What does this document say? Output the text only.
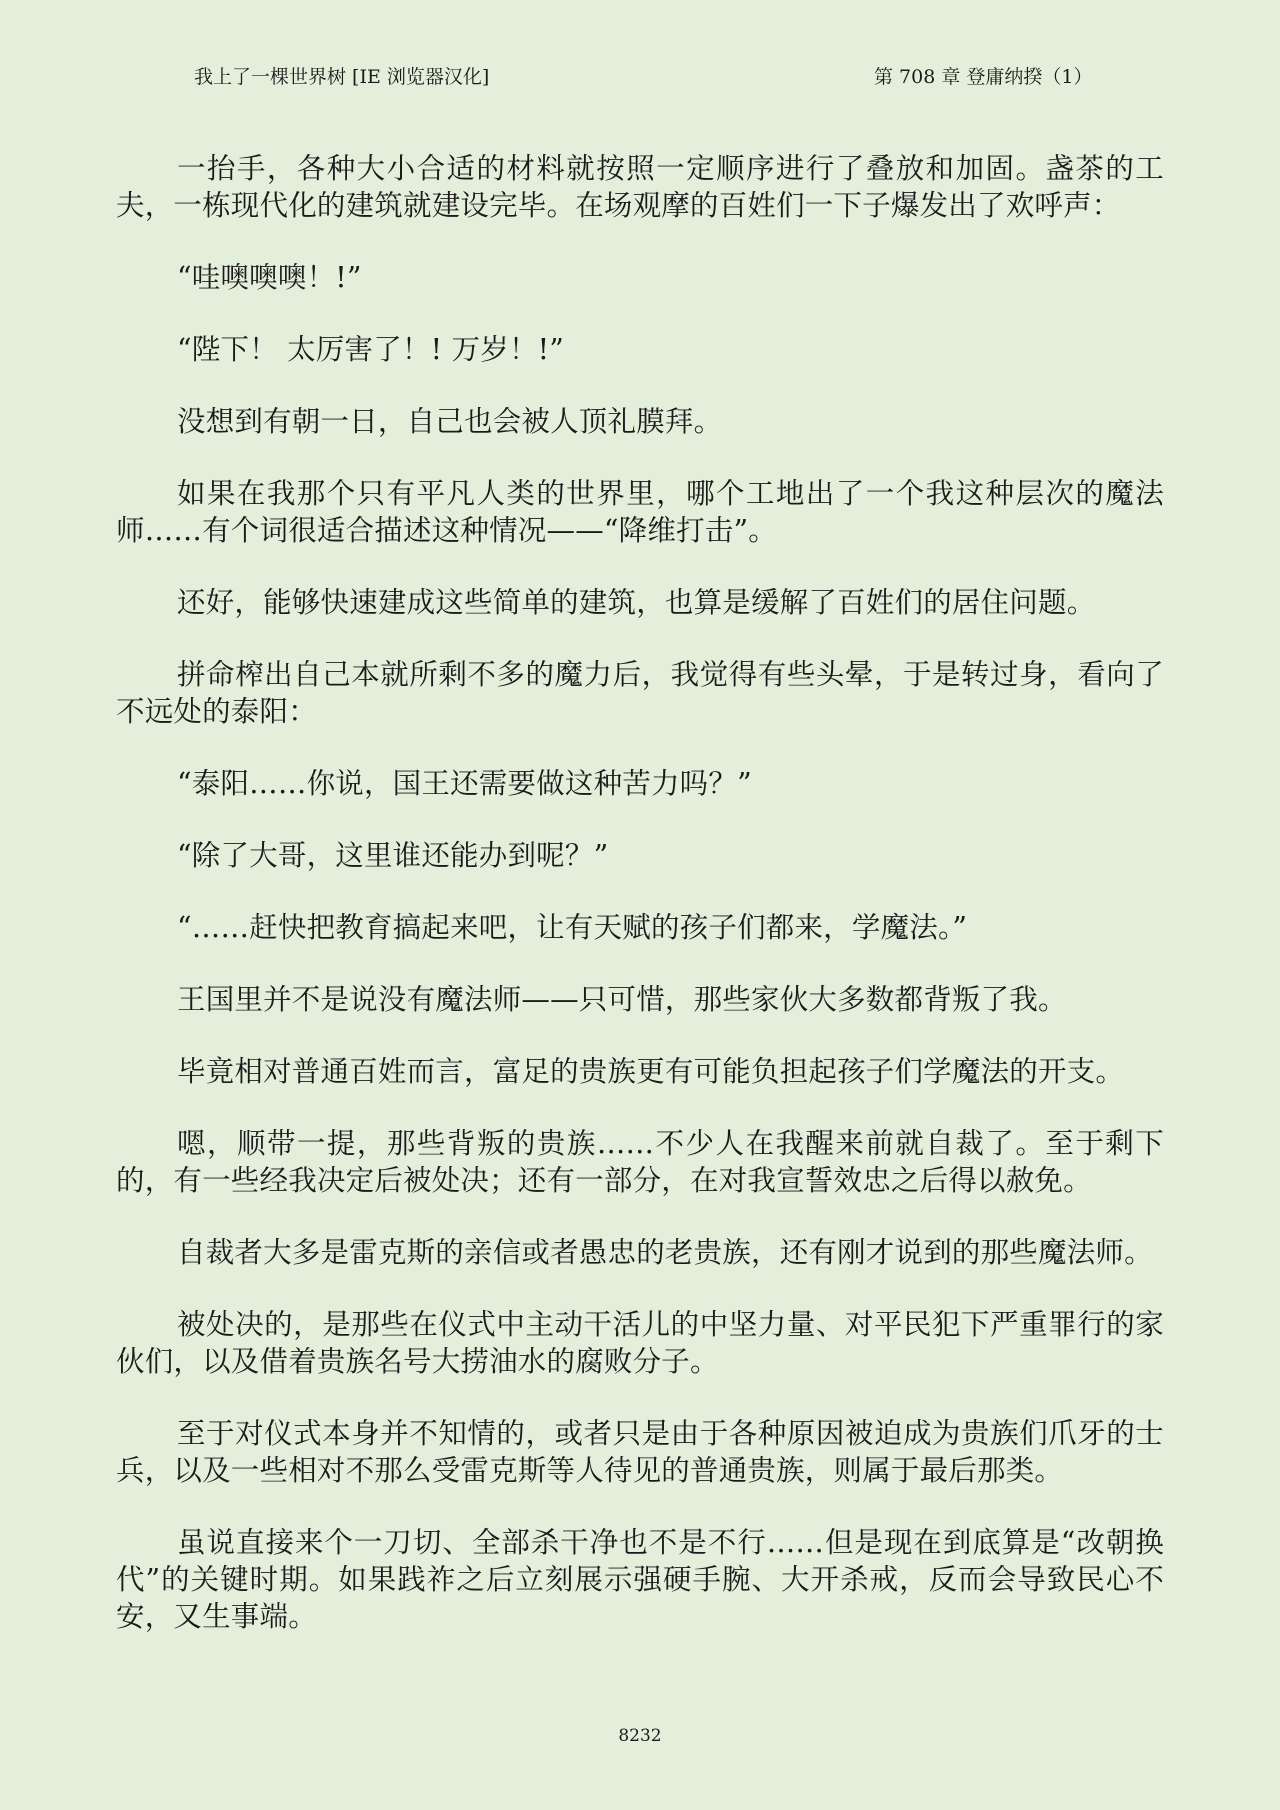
我上了一棵世界树 [IE 浏览器汉化]	第 708 章 登庸纳揆（1）

一抬手，各种大小合适的材料就按照一定顺序进行了叠放和加固。盏茶的工夫，一栋现代化的建筑就建设完毕。在场观摩的百姓们一下子爆发出了欢呼声：

“哇噢噢噢！!”

“陛下！ 太厉害了！! 万岁！!”

没想到有朝一日，自己也会被人顶礼膜拜。

如果在我那个只有平凡人类的世界里，哪个工地出了一个我这种层次的魔法师……有个词很适合描述这种情况——“降维打击”。

还好，能够快速建成这些简单的建筑，也算是缓解了百姓们的居住问题。

拼命榨出自己本就所剩不多的魔力后，我觉得有些头晕，于是转过身，看向了不远处的泰阳：

“泰阳……你说，国王还需要做这种苦力吗？”

“除了大哥，这里谁还能办到呢？”

“……赶快把教育搞起来吧，让有天赋的孩子们都来，学魔法。”

王国里并不是说没有魔法师——只可惜，那些家伙大多数都背叛了我。

毕竟相对普通百姓而言，富足的贵族更有可能负担起孩子们学魔法的开支。

嗯，顺带一提，那些背叛的贵族……不少人在我醒来前就自裁了。至于剩下的，有一些经我决定后被处决；还有一部分，在对我宣誓效忠之后得以赦免。

自裁者大多是雷克斯的亲信或者愚忠的老贵族，还有刚才说到的那些魔法师。

被处决的，是那些在仪式中主动干活儿的中坚力量、对平民犯下严重罪行的家伙们，以及借着贵族名号大捞油水的腐败分子。

至于对仪式本身并不知情的，或者只是由于各种原因被迫成为贵族们爪牙的士兵，以及一些相对不那么受雷克斯等人待见的普通贵族，则属于最后那类。

虽说直接来个一刀切、全部杀干净也不是不行……但是现在到底算是“改朝换代”的关键时期。如果践祚之后立刻展示强硬手腕、大开杀戒，反而会导致民心不安，又生事端。

8232
